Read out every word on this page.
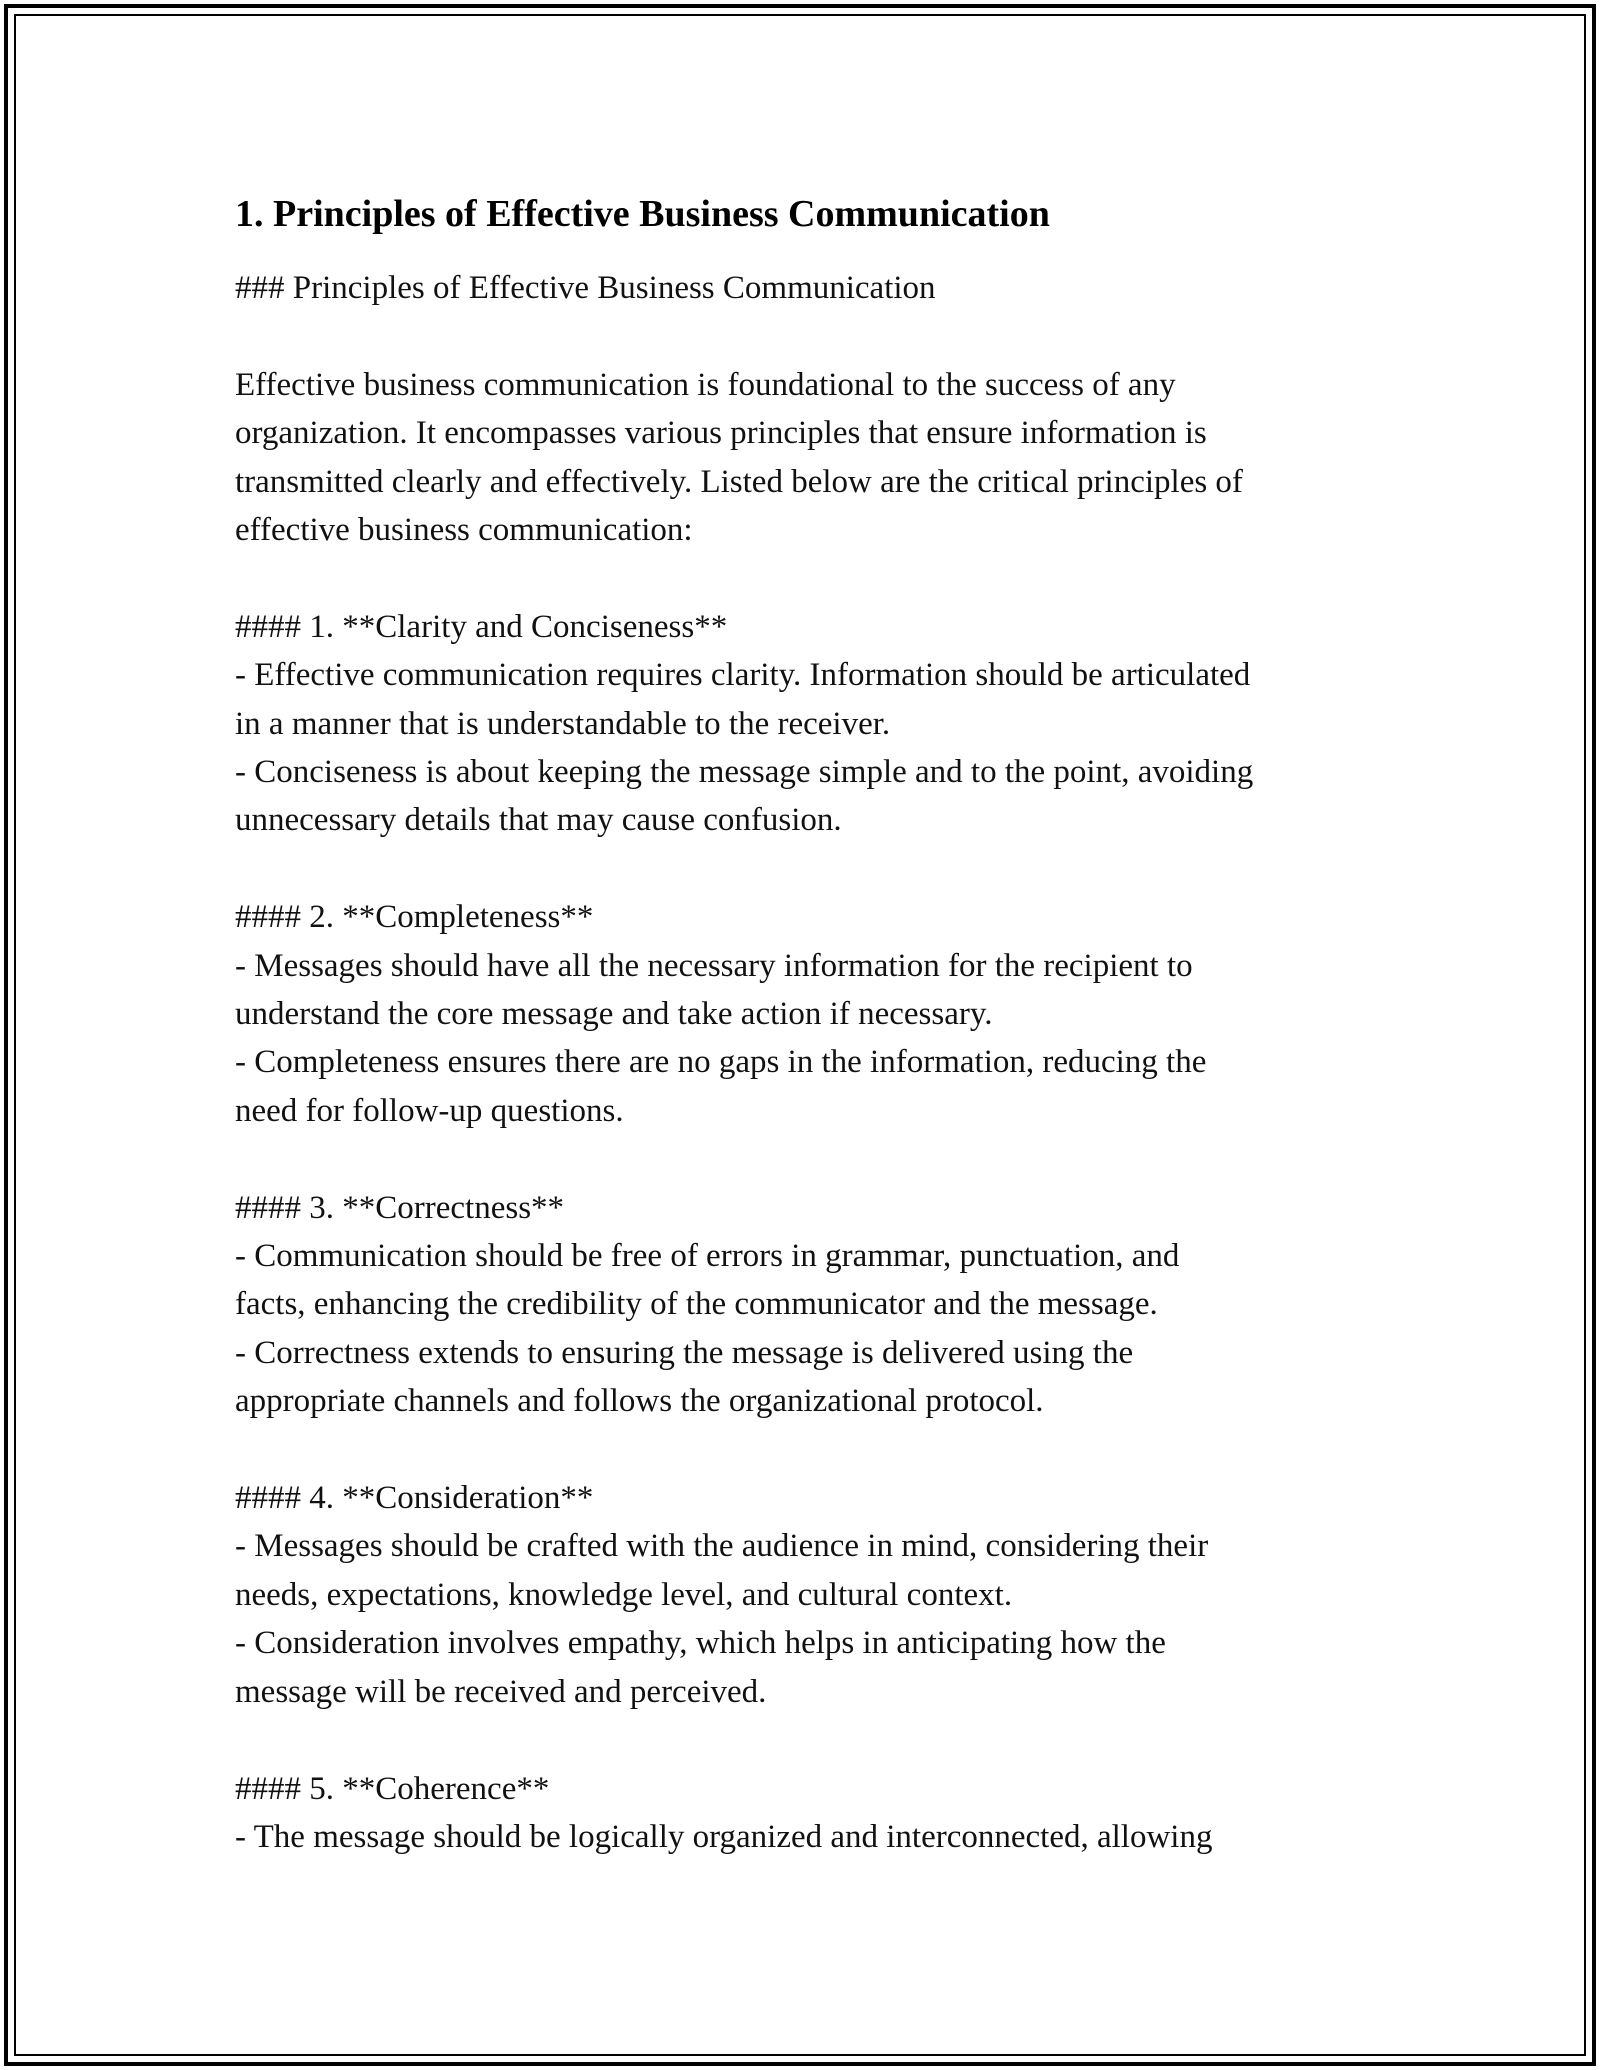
1. Principles of Effective Business Communication

### Principles of Effective Business Communication

Effective business communication is foundational to the success of any

organization. It encompasses various principles that ensure information is

transmitted clearly and effectively. Listed below are the critical principles of

effective business communication:

#### 1. **Clarity and Conciseness**

- Effective communication requires clarity. Information should be articulated

in a manner that is understandable to the receiver.

- Conciseness is about keeping the message simple and to the point, avoiding

unnecessary details that may cause confusion.

#### 2. **Completeness**

- Messages should have all the necessary information for the recipient to

understand the core message and take action if necessary.

- Completeness ensures there are no gaps in the information, reducing the

need for follow-up questions.

#### 3. **Correctness**

- Communication should be free of errors in grammar, punctuation, and

facts, enhancing the credibility of the communicator and the message.

- Correctness extends to ensuring the message is delivered using the

appropriate channels and follows the organizational protocol.

#### 4. **Consideration**

- Messages should be crafted with the audience in mind, considering their

needs, expectations, knowledge level, and cultural context.

- Consideration involves empathy, which helps in anticipating how the

message will be received and perceived.

#### 5. **Coherence**

- The message should be logically organized and interconnected, allowing
